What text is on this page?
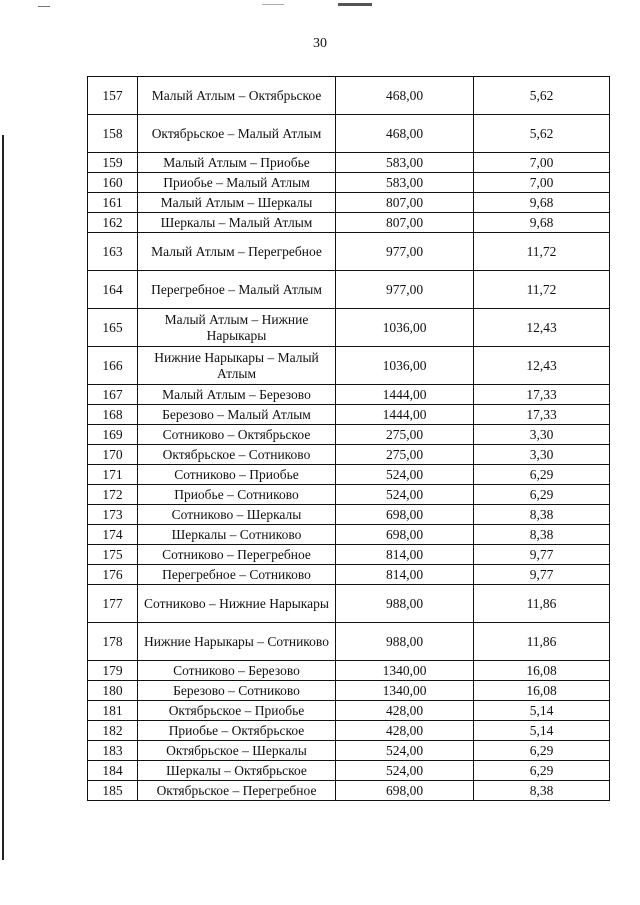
30
157	Малый Атлым – Октябрьское	468,00	5,62
158	Октябрьское – Малый Атлым	468,00	5,62
159	Малый Атлым – Приобье	583,00	7,00
160	Приобье – Малый Атлым	583,00	7,00
161	Малый Атлым – Шеркалы	807,00	9,68
162	Шеркалы – Малый Атлым	807,00	9,68
163	Малый Атлым – Перегребное	977,00	11,72
164	Перегребное – Малый Атлым	977,00	11,72
165	Малый Атлым – Нижние Нарыкары	1036,00	12,43
166	Нижние Нарыкары – Малый Атлым	1036,00	12,43
167	Малый Атлым – Березово	1444,00	17,33
168	Березово – Малый Атлым	1444,00	17,33
169	Сотниково – Октябрьское	275,00	3,30
170	Октябрьское – Сотниково	275,00	3,30
171	Сотниково – Приобье	524,00	6,29
172	Приобье – Сотниково	524,00	6,29
173	Сотниково – Шеркалы	698,00	8,38
174	Шеркалы – Сотниково	698,00	8,38
175	Сотниково – Перегребное	814,00	9,77
176	Перегребное – Сотниково	814,00	9,77
177	Сотниково – Нижние Нарыкары	988,00	11,86
178	Нижние Нарыкары – Сотниково	988,00	11,86
179	Сотниково – Березово	1340,00	16,08
180	Березово – Сотниково	1340,00	16,08
181	Октябрьское – Приобье	428,00	5,14
182	Приобье – Октябрьское	428,00	5,14
183	Октябрьское – Шеркалы	524,00	6,29
184	Шеркалы – Октябрьское	524,00	6,29
185	Октябрьское – Перегребное	698,00	8,38
